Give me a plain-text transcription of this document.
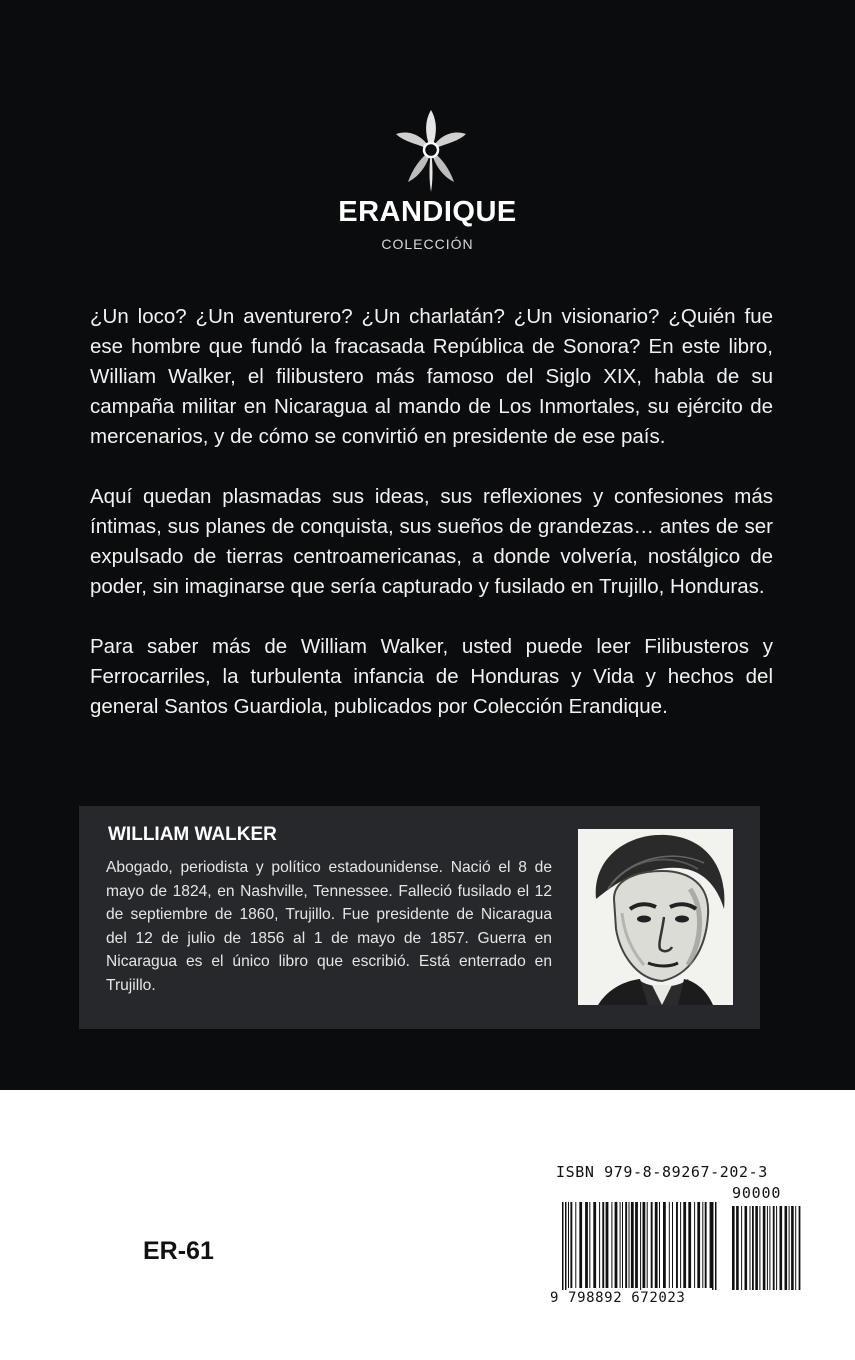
ERANDIQUE
COLECCIÓN

¿Un loco? ¿Un aventurero? ¿Un charlatán? ¿Un visionario? ¿Quién fue ese hombre que fundó la fracasada República de Sonora? En este libro, William Walker, el filibustero más famoso del Siglo XIX, habla de su campaña militar en Nicaragua al mando de Los Inmortales, su ejército de mercenarios, y de cómo se convirtió en presidente de ese país.

Aquí quedan plasmadas sus ideas, sus reflexiones y confesiones más íntimas, sus planes de conquista, sus sueños de grandezas… antes de ser expulsado de tierras centroamericanas, a donde volvería, nostálgico de poder, sin imaginarse que sería capturado y fusilado en Trujillo, Honduras.

Para saber más de William Walker, usted puede leer Filibusteros y Ferrocarriles, la turbulenta infancia de Honduras y Vida y hechos del general Santos Guardiola, publicados por Colección Erandique.

WILLIAM WALKER
Abogado, periodista y político estadounidense. Nació el 8 de mayo de 1824, en Nashville, Tennessee. Falleció fusilado el 12 de septiembre de 1860, Trujillo. Fue presidente de Nicaragua del 12 de julio de 1856 al 1 de mayo de 1857. Guerra en Nicaragua es el único libro que escribió. Está enterrado en Trujillo.
ER-61
ISBN 979-8-89267-202-3
90000
9 798892 672023
